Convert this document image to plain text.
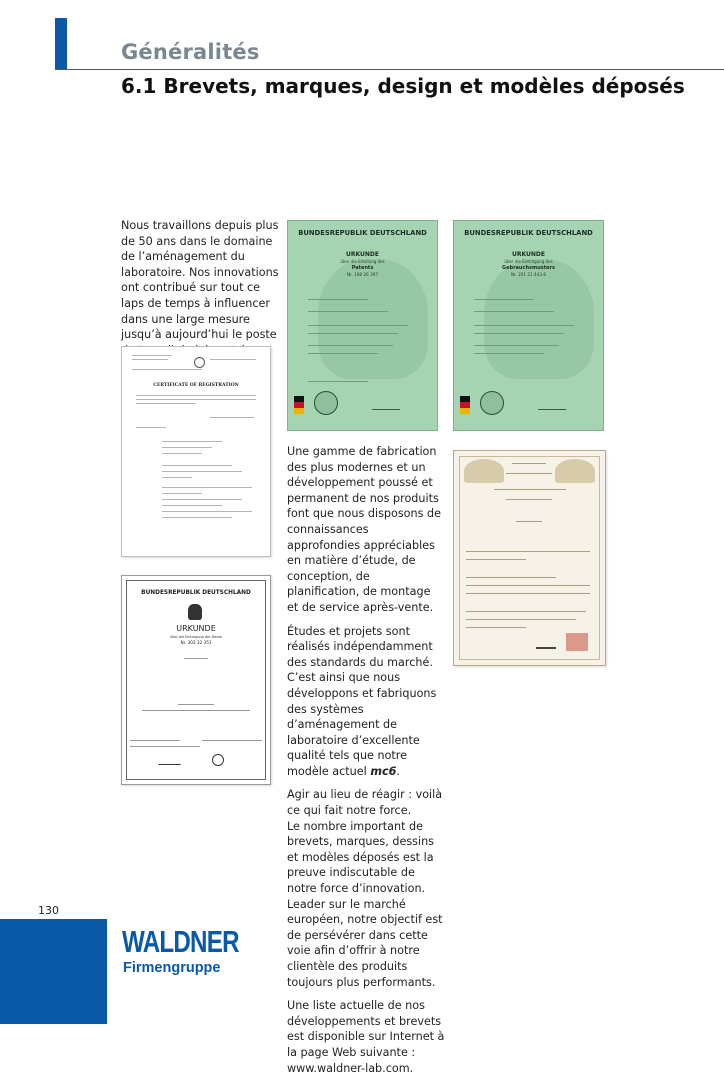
Généralités
6.1 Brevets, marques, design et modèles déposés
Nous travaillons depuis plus de 50 ans dans le domaine de l’aménagement du laboratoire. Nos innovations ont contribué sur tout ce laps de temps à influencer dans une large mesure jusqu’à aujourd’hui le poste
BUNDESREPUBLIK DEUTSCHLAND
URKUNDE
über die Erteilung des
Patents
Nr. 198 26 397
BUNDESREPUBLIK DEUTSCHLAND
URKUNDE
über die Eintragung des
Gebrauchsmusters
Nr. 201 21 443.6
CERTIFICATE OF REGISTRATION
BUNDESREPUBLIK DEUTSCHLAND
URKUNDE
über die Eintragung der Marke
Nr. 303 32 351

Une gamme de fabrication des plus modernes et un développement poussé et permanent de nos produits font que nous disposons de connaissances approfondies appréciables en matière d’étude, de conception, de planification, de montage et de service après-vente.

Études et projets sont réalisés indépendamment des standards du marché.
C’est ainsi que nous développons et fabriquons des systèmes d’aménagement de laboratoire d’excellente qualité tels que notre modèle actuel mc6.

Agir au lieu de réagir : voilà ce qui fait notre force.
Le nombre important de brevets, marques, dessins et modèles déposés est la preuve indiscutable de notre force d’innovation. Leader sur le marché européen, notre objectif est de persévérer dans cette voie afin d’offrir à notre clientèle des produits toujours plus performants.

Une liste actuelle de nos développements et brevets est disponible sur Internet à la page Web suivante : www.waldner-lab.com.

130
WALDNER
Firmengruppe
